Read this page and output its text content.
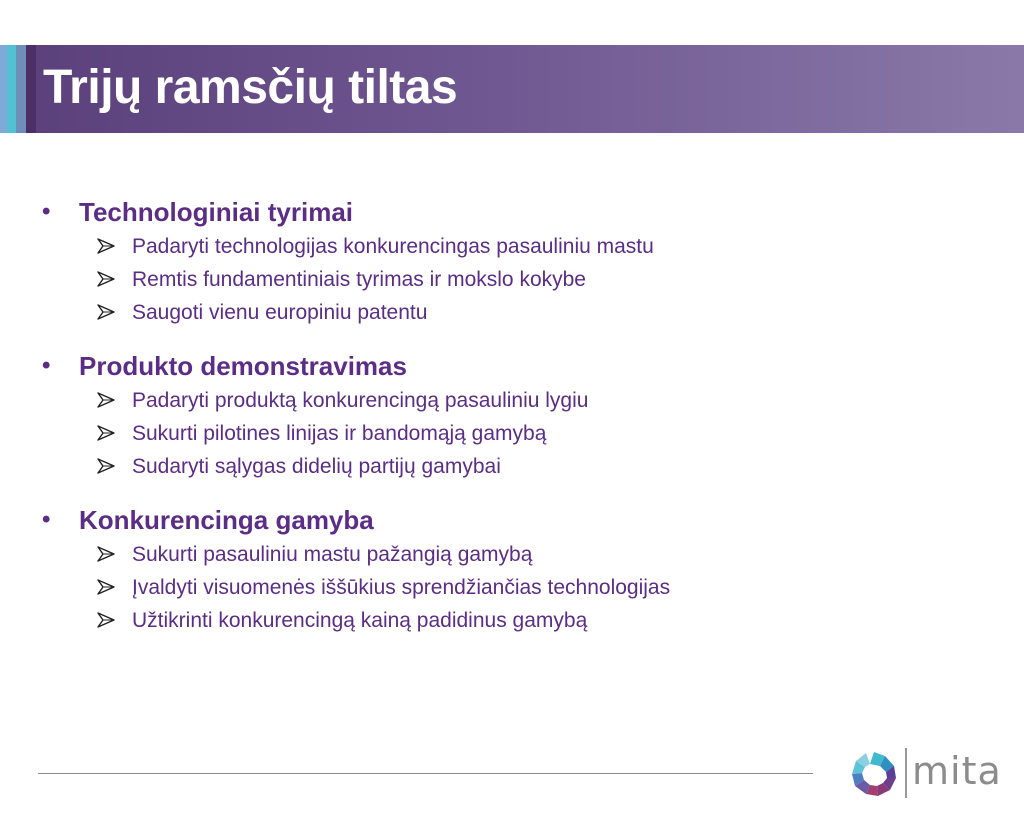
Trijų ramsčių tiltas
• Technologiniai tyrimai
Padaryti technologijas konkurencingas pasauliniu mastu
Remtis fundamentiniais tyrimas ir mokslo kokybe
Saugoti vienu europiniu patentu
• Produkto demonstravimas
Padaryti produktą konkurencingą pasauliniu lygiu
Sukurti pilotines linijas ir bandomąją gamybą
Sudaryti sąlygas didelių partijų gamybai
• Konkurencinga gamyba
Sukurti pasauliniu mastu pažangią gamybą
Įvaldyti visuomenės iššūkius sprendžiančias technologijas
Užtikrinti konkurencingą kainą padidinus gamybą
mita
